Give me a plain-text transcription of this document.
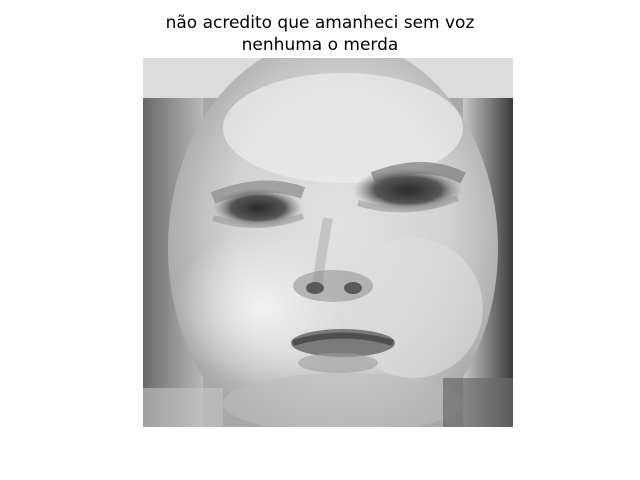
não acredito que amanheci sem voz
nenhuma o merda
